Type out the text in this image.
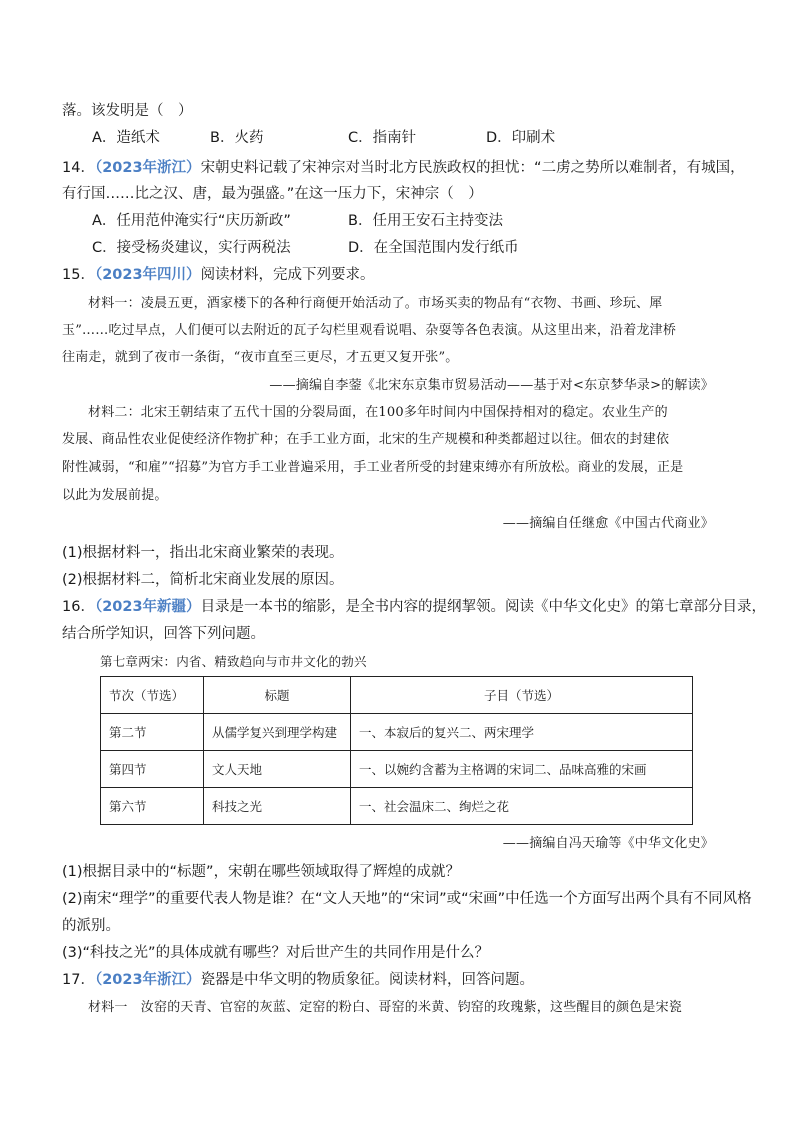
落。该发明是（　）
A．造纸术	B．火药	C．指南针	D．印刷术
14．（2023年浙江）宋朝史料记载了宋神宗对当时北方民族政权的担忧：“二虏之势所以难制者，有城国，
有行国……比之汉、唐，最为强盛。”在这一压力下，宋神宗（　）
A．任用范仲淹实行“庆历新政”	B．任用王安石主持变法
C．接受杨炎建议，实行两税法	D．在全国范围内发行纸币
15．（2023年四川）阅读材料，完成下列要求。
材料一：凌晨五更，酒家楼下的各种行商便开始活动了。市场买卖的物品有“衣物、书画、珍玩、犀
玉”……吃过早点，人们便可以去附近的瓦子勾栏里观看说唱、杂耍等各色表演。从这里出来，沿着龙津桥
往南走，就到了夜市一条街，“夜市直至三更尽，才五更又复开张”。
——摘编自李蓥《北宋东京集市贸易活动——基于对<东京梦华录>的解读》
材料二：北宋王朝结束了五代十国的分裂局面，在100多年时间内中国保持相对的稳定。农业生产的
发展、商品性农业促使经济作物扩种；在手工业方面，北宋的生产规模和种类都超过以往。佃农的封建依
附性减弱，“和雇”“招募”为官方手工业普遍采用，手工业者所受的封建束缚亦有所放松。商业的发展，正是
以此为发展前提。
——摘编自任继愈《中国古代商业》
(1)根据材料一，指出北宋商业繁荣的表现。
(2)根据材料二，简析北宋商业发展的原因。
16．（2023年新疆）目录是一本书的缩影，是全书内容的提纲挈领。阅读《中华文化史》的第七章部分目录，
结合所学知识，回答下列问题。
第七章两宋：内省、精致趋向与市井文化的勃兴
节次（节选）	标题	子目（节选）
第二节	从儒学复兴到理学构建	一、本寂后的复兴二、两宋理学
第四节	文人天地	一、以婉约含蓄为主格调的宋词二、品味高雅的宋画
第六节	科技之光	一、社会温床二、绚烂之花
——摘编自冯天瑜等《中华文化史》
(1)根据目录中的“标题”，宋朝在哪些领域取得了辉煌的成就？
(2)南宋“理学”的重要代表人物是谁？在“文人天地”的“宋词”或“宋画”中任选一个方面写出两个具有不同风格
的派别。
(3)“科技之光”的具体成就有哪些？对后世产生的共同作用是什么？
17．（2023年浙江）瓷器是中华文明的物质象征。阅读材料，回答问题。
材料一　汝窑的天青、官窑的灰蓝、定窑的粉白、哥窑的米黄、钧窑的玫瑰紫，这些醒目的颜色是宋瓷
